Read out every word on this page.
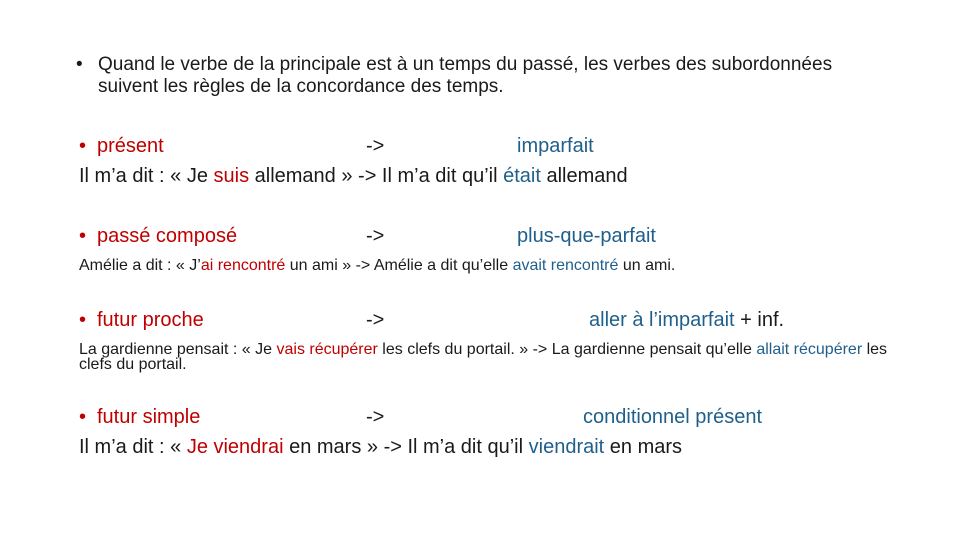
• Quand le verbe de la principale est à un temps du passé, les verbes des subordonnées suivent les règles de la concordance des temps.
• présent	->	imparfait
Il m’a dit : « Je suis allemand » -> Il m’a dit qu’il était allemand
• passé composé	->	plus-que-parfait
Amélie a dit : « J’ai rencontré un ami » -> Amélie a dit qu’elle avait rencontré un ami.
• futur proche	->	aller à l’imparfait + inf.
La gardienne pensait : « Je vais récupérer les clefs du portail. » -> La gardienne pensait qu’elle allait récupérer les clefs du portail.
• futur simple	->	conditionnel présent
Il m’a dit : « Je viendrai en mars » -> Il m’a dit qu’il viendrait en mars
